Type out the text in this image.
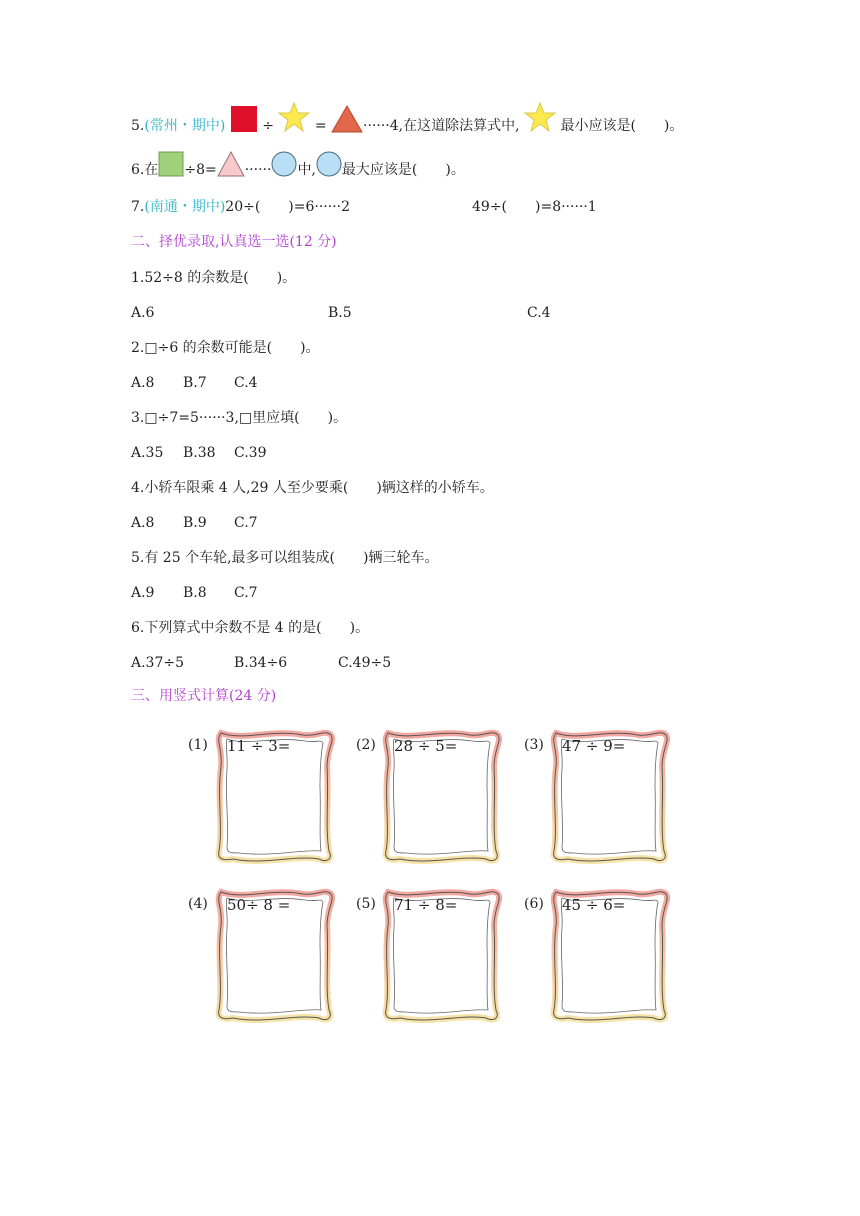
5.(常州・期中)	÷	=	······4,在这道除法算式中,	最小应该是(　　)。
6.在 ÷8= ······ 中, 最大应该是(　　)。
7.(南通・期中)20÷(　　)=6······2	49÷(　　)=8······1
二、择优录取,认真选一选(12 分)
1.52÷8 的余数是(　　)。
A.6	B.5	C.4
2.□÷6 的余数可能是(　　)。
A.8 B.7 C.4
3.□÷7=5······3,□里应填(　　)。
A.35 B.38 C.39
4.小轿车限乘 4 人,29 人至少要乘(　　)辆这样的小轿车。
A.8 B.9 C.7
5.有 25 个车轮,最多可以组装成(　　)辆三轮车。
A.9 B.8 C.7
6.下列算式中余数不是 4 的是(　　)。
A.37÷5	B.34÷6	C.49÷5
三、用竖式计算(24 分)
(1) 11 ÷ 3=	(2) 28 ÷ 5=	(3) 47 ÷ 9=
(4) 50÷ 8 =	(5) 71 ÷ 8=	(6) 45 ÷ 6=
